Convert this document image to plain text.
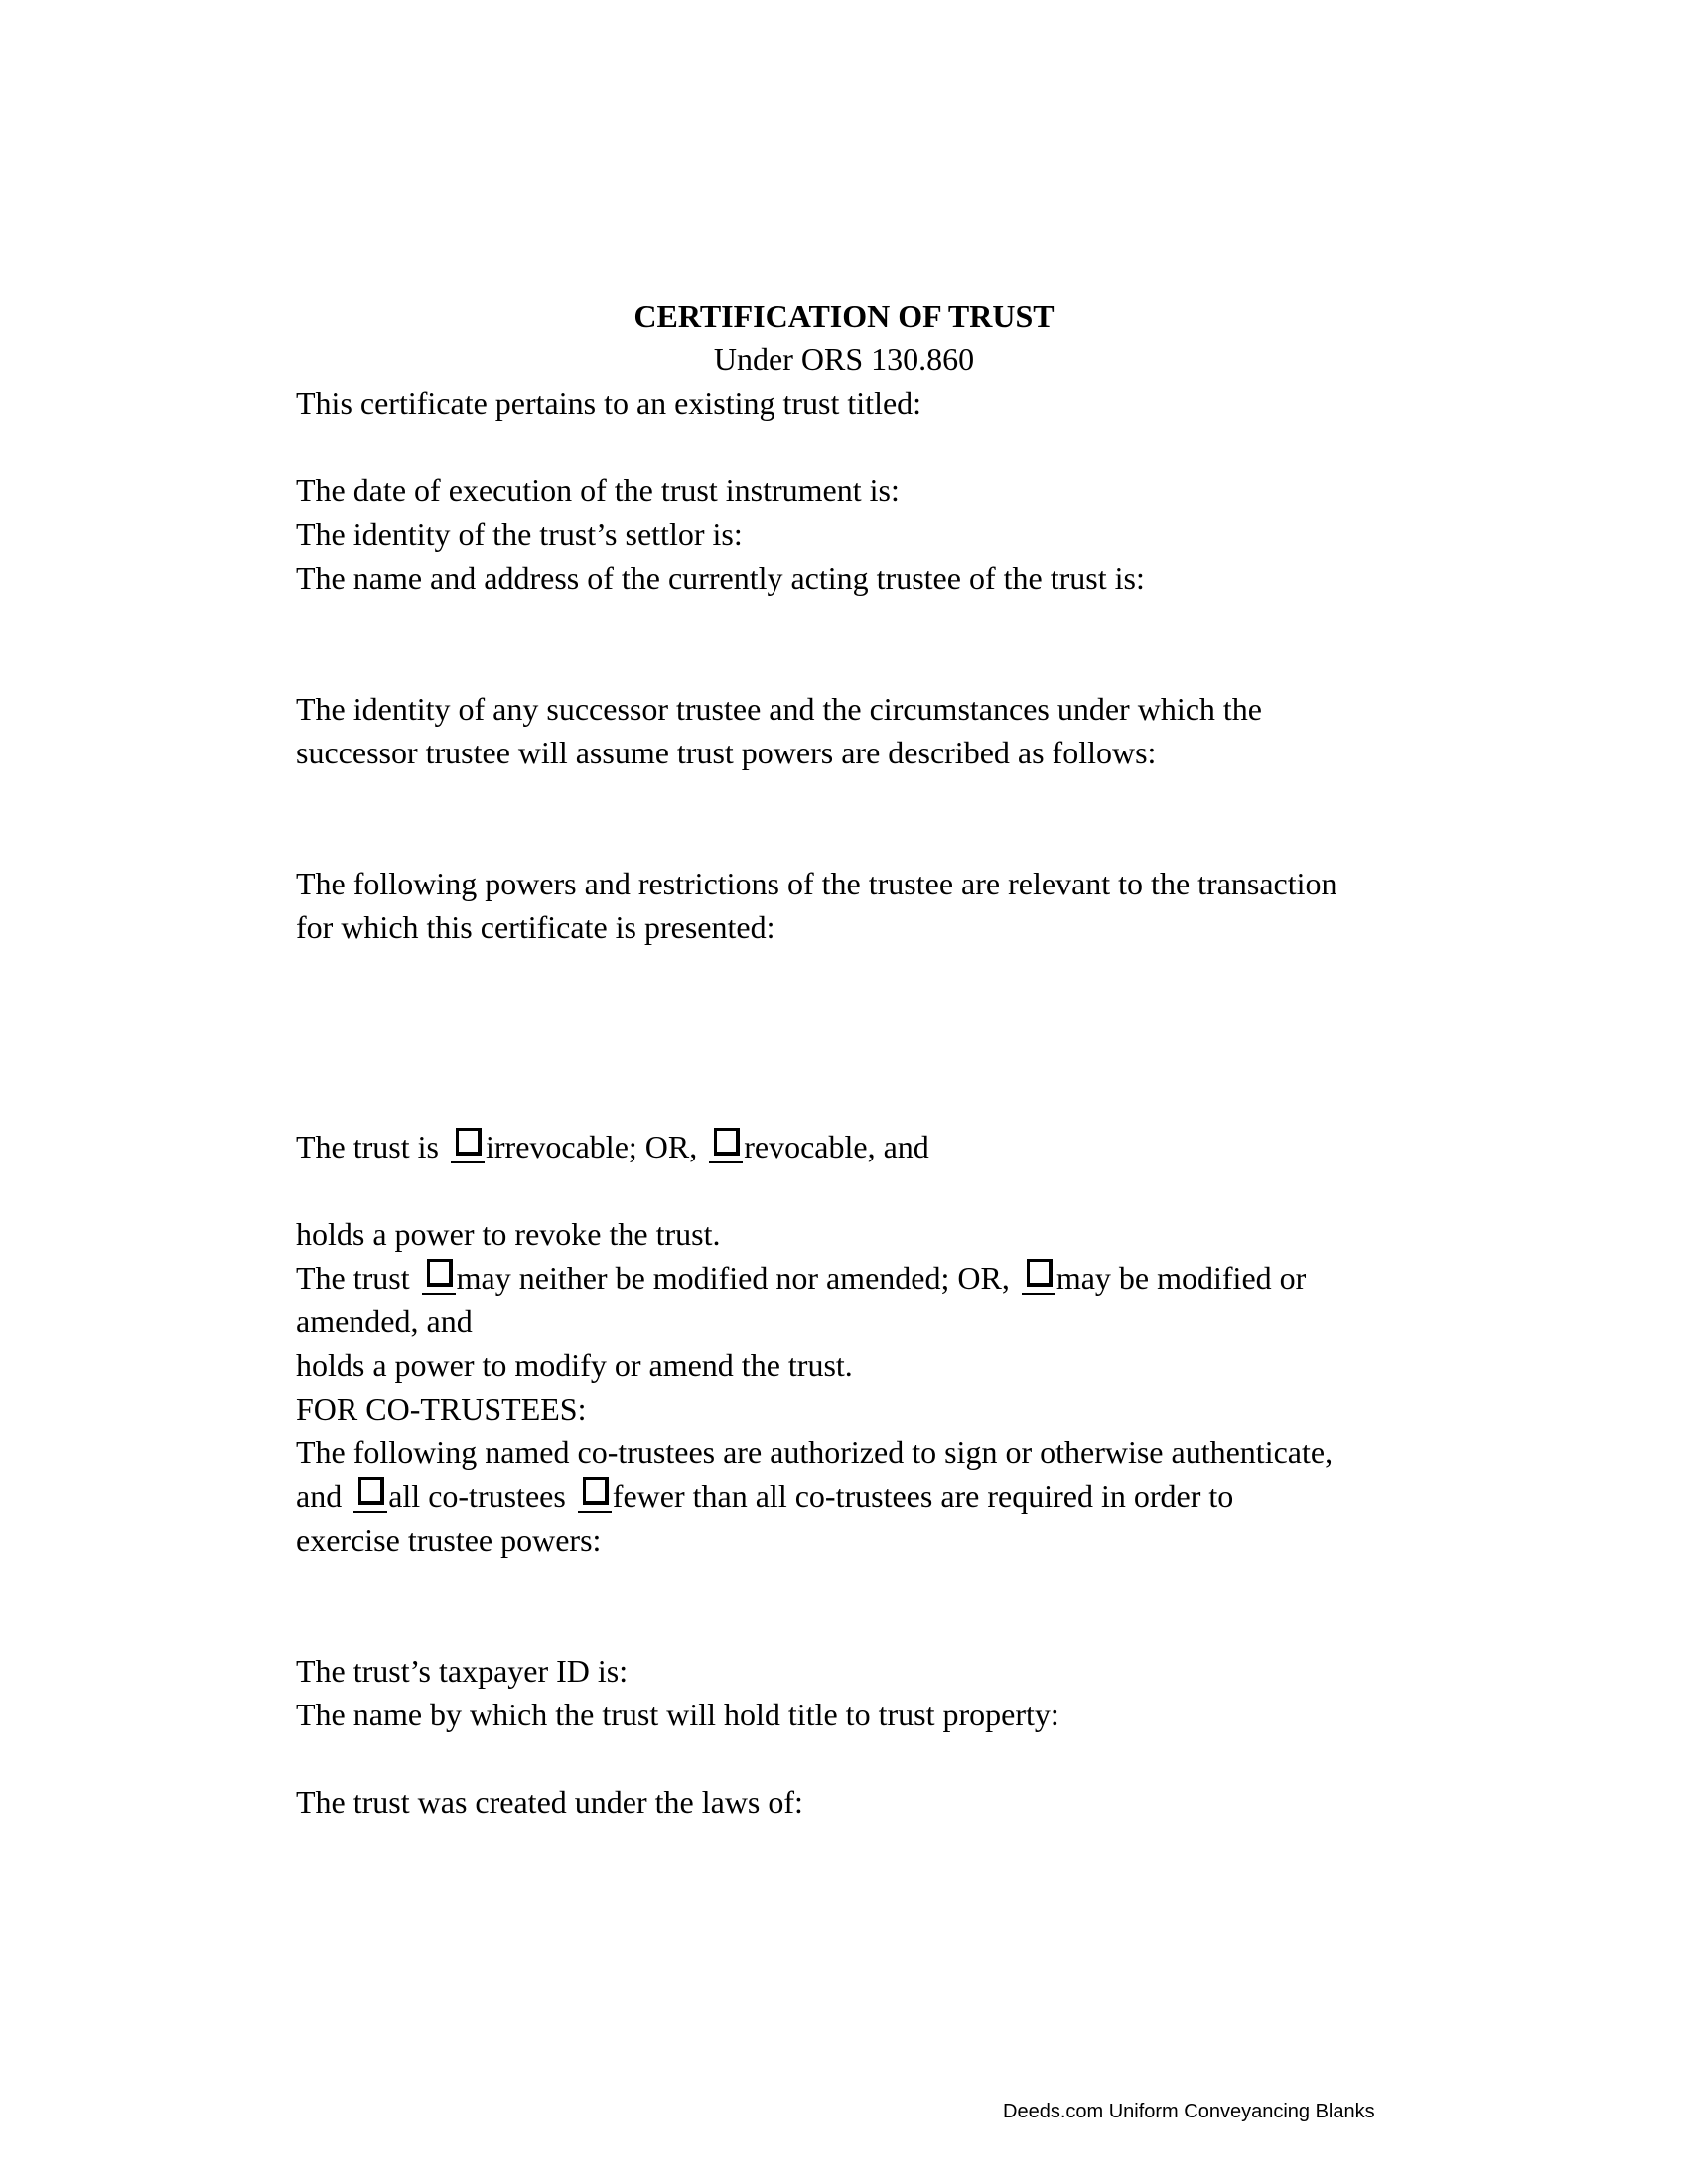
CERTIFICATION OF TRUST

Under ORS 130.860

This certificate pertains to an existing trust titled:

The date of execution of the trust instrument is:

The identity of the trust’s settlor is:

The name and address of the currently acting trustee of the trust is:

The identity of any successor trustee and the circumstances under which the

successor trustee will assume trust powers are described as follows:

The following powers and restrictions of the trustee are relevant to the transaction

for which this certificate is presented:

The trust is irrevocable; OR, revocable, and

holds a power to revoke the trust.

The trust may neither be modified nor amended; OR, may be modified or

amended, and

holds a power to modify or amend the trust.

FOR CO-TRUSTEES:

The following named co-trustees are authorized to sign or otherwise authenticate,

and all co-trustees fewer than all co-trustees are required in order to

exercise trustee powers:

The trust’s taxpayer ID is:

The name by which the trust will hold title to trust property:

The trust was created under the laws of:

Deeds.com Uniform Conveyancing Blanks
